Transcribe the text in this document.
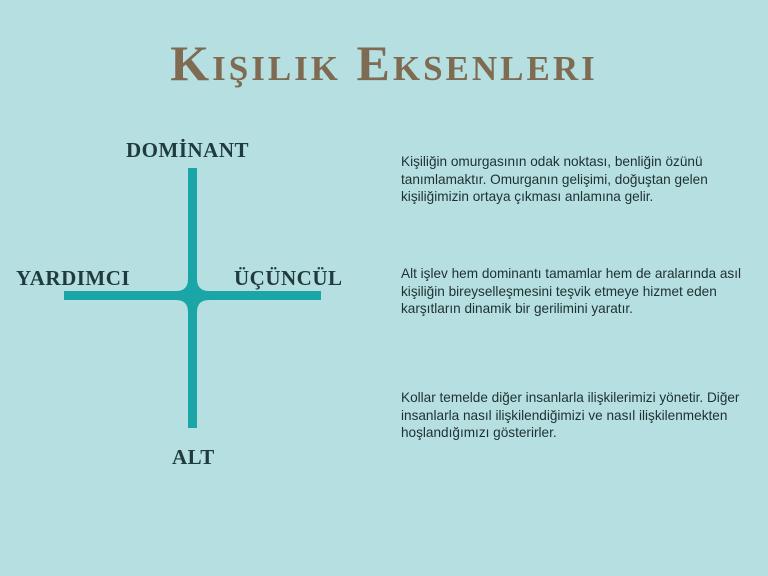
Kişilik Eksenleri
DOMİNANT
YARDIMCI	ÜÇÜNCÜL
ALT

Kişiliğin omurgasının odak noktası, benliğin özünü tanımlamaktır. Omurganın gelişimi, doğuştan gelen kişiliğimizin ortaya çıkması anlamına gelir.

Alt işlev hem dominantı tamamlar hem de aralarında asıl kişiliğin bireyselleşmesini teşvik etmeye hizmet eden karşıtların dinamik bir gerilimini yaratır.

Kollar temelde diğer insanlarla ilişkilerimizi yönetir. Diğer insanlarla nasıl ilişkilendiğimizi ve nasıl ilişkilenmekten hoşlandığımızı gösterirler.
